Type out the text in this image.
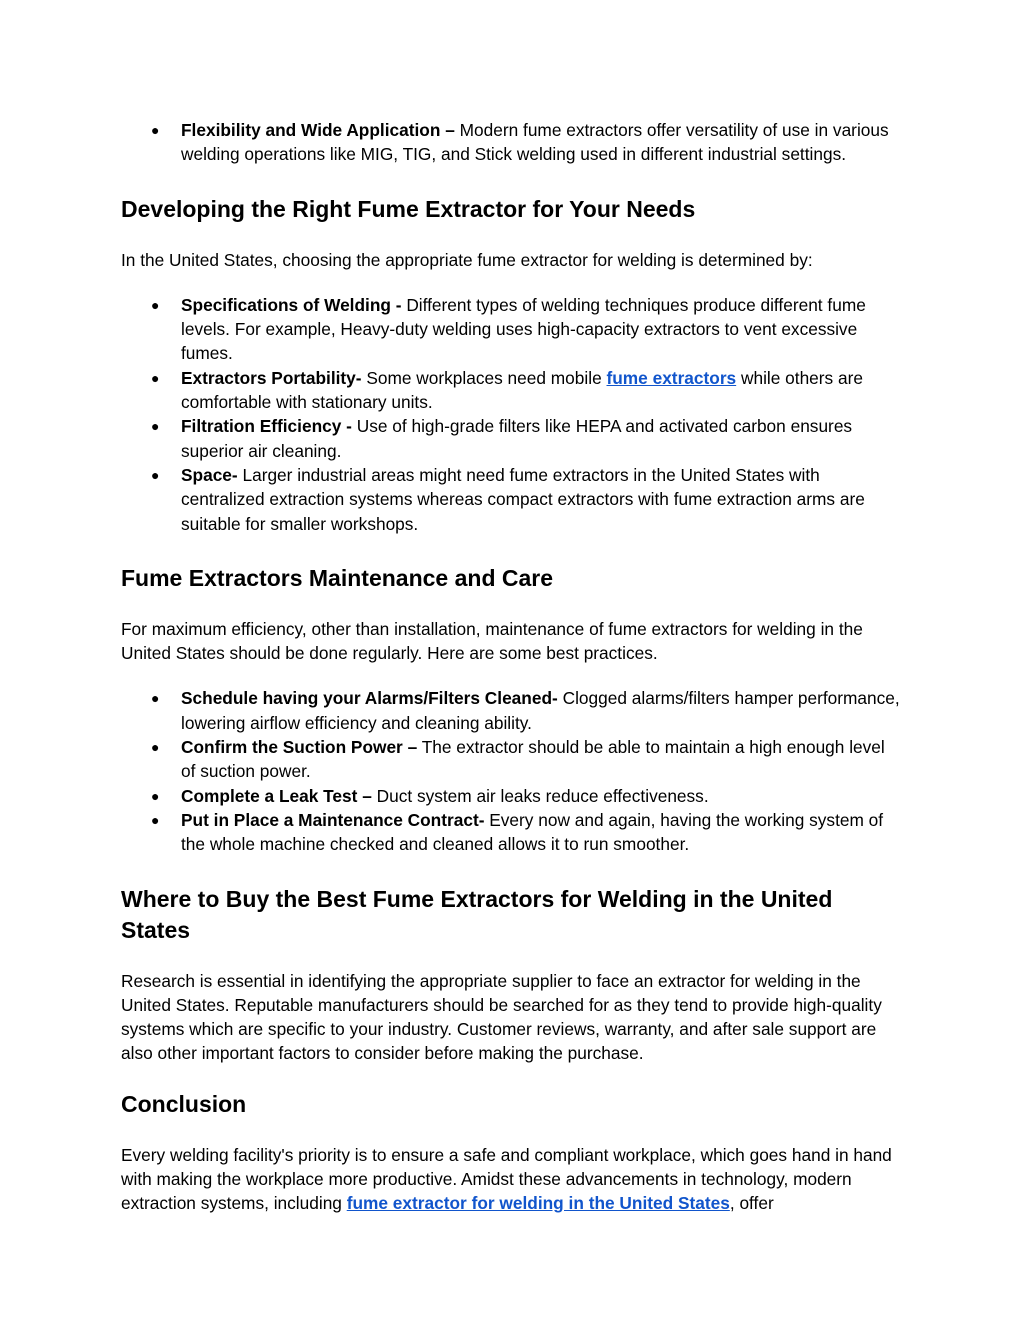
● Flexibility and Wide Application – Modern fume extractors offer versatility of use in various welding operations like MIG, TIG, and Stick welding used in different industrial settings.
Developing the Right Fume Extractor for Your Needs

In the United States, choosing the appropriate fume extractor for welding is determined by:

● Specifications of Welding - Different types of welding techniques produce different fume levels. For example, Heavy-duty welding uses high-capacity extractors to vent excessive fumes.
● Extractors Portability- Some workplaces need mobile fume extractors while others are comfortable with stationary units.
● Filtration Efficiency - Use of high-grade filters like HEPA and activated carbon ensures superior air cleaning.
● Space- Larger industrial areas might need fume extractors in the United States with centralized extraction systems whereas compact extractors with fume extraction arms are suitable for smaller workshops.
Fume Extractors Maintenance and Care

For maximum efficiency, other than installation, maintenance of fume extractors for welding in the United States should be done regularly. Here are some best practices.

● Schedule having your Alarms/Filters Cleaned- Clogged alarms/filters hamper performance, lowering airflow efficiency and cleaning ability.
● Confirm the Suction Power – The extractor should be able to maintain a high enough level of suction power.
● Complete a Leak Test – Duct system air leaks reduce effectiveness.
● Put in Place a Maintenance Contract- Every now and again, having the working system of the whole machine checked and cleaned allows it to run smoother.
Where to Buy the Best Fume Extractors for Welding in the United States

Research is essential in identifying the appropriate supplier to face an extractor for welding in the United States. Reputable manufacturers should be searched for as they tend to provide high-quality systems which are specific to your industry. Customer reviews, warranty, and after sale support are also other important factors to consider before making the purchase.

Conclusion

Every welding facility's priority is to ensure a safe and compliant workplace, which goes hand in hand with making the workplace more productive. Amidst these advancements in technology, modern extraction systems, including fume extractor for welding in the United States, offer
